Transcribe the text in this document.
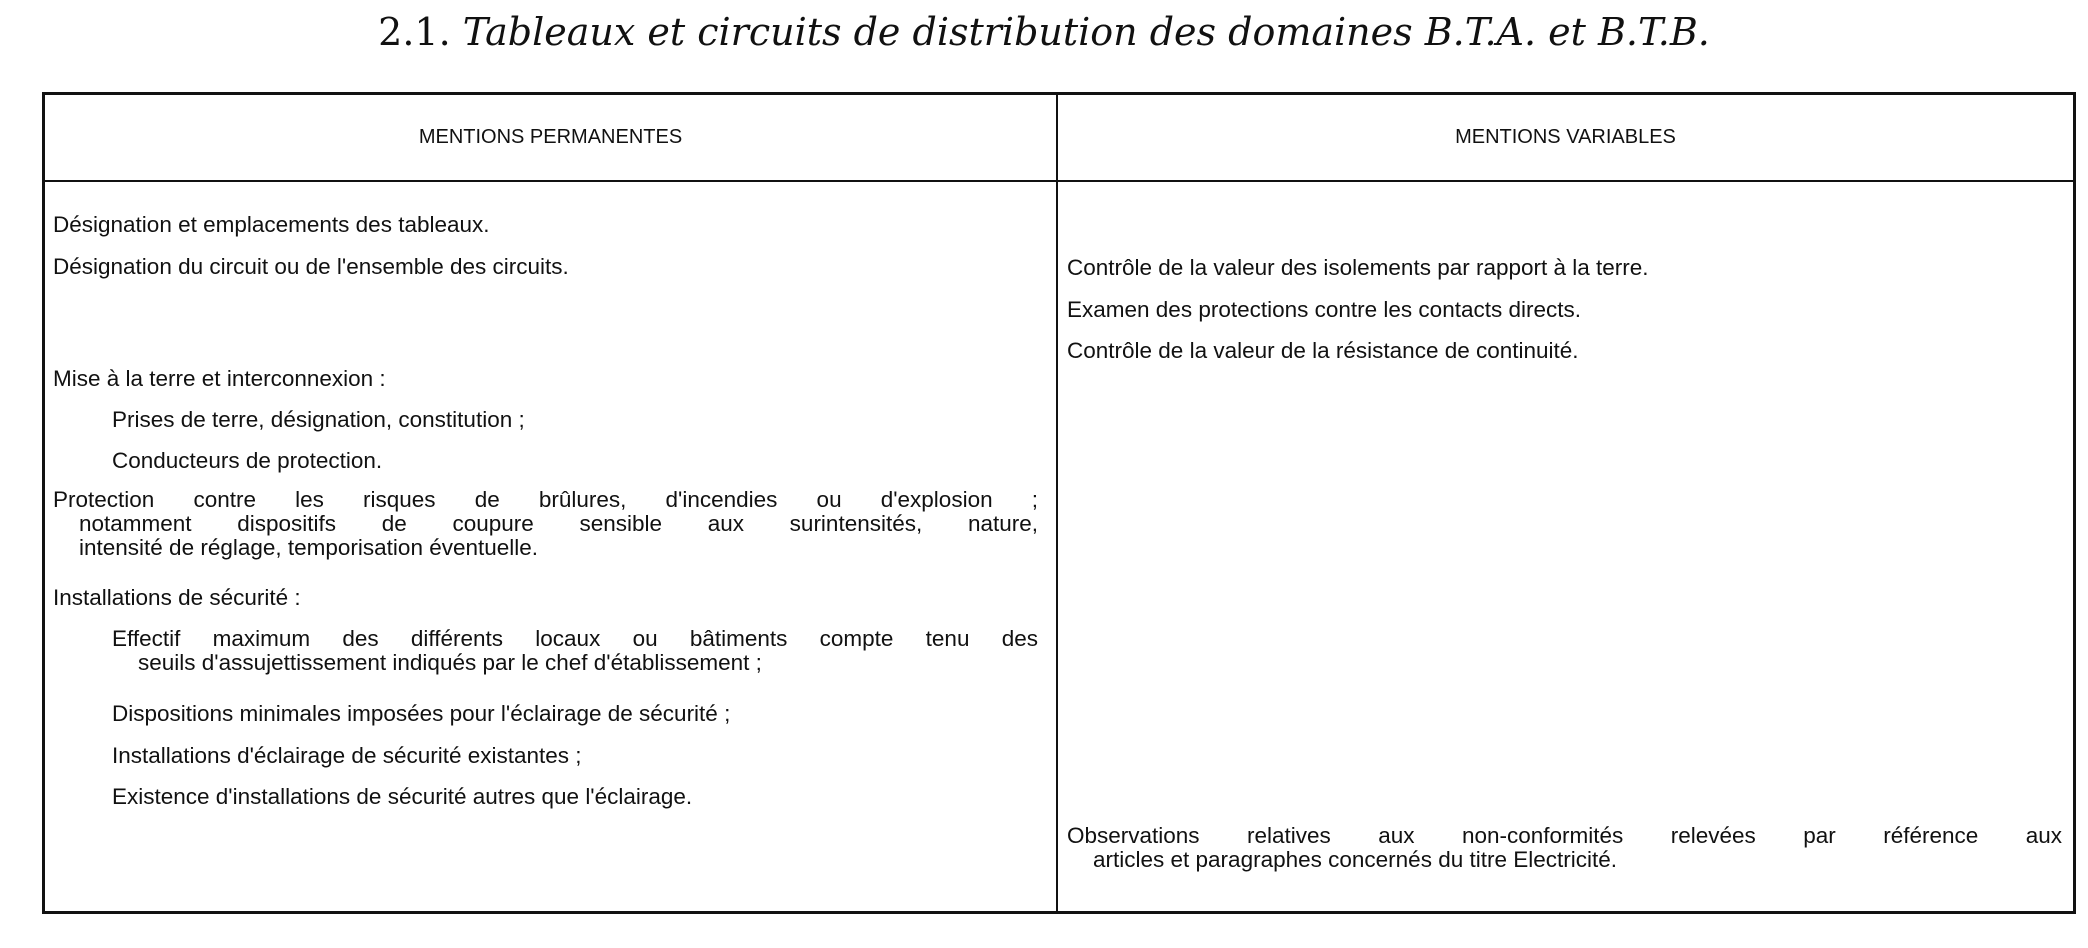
2.1. Tableaux et circuits de distribution des domaines B.T.A. et B.T.B.
MENTIONS PERMANENTES	MENTIONS VARIABLES
Désignation et emplacements des tableaux.
Désignation du circuit ou de l'ensemble des circuits.
Mise à la terre et interconnexion :
Prises de terre, désignation, constitution ;
Conducteurs de protection.
Protection contre les risques de brûlures, d'incendies ou d'explosion ;
notamment dispositifs de coupure sensible aux surintensités, nature,
intensité de réglage, temporisation éventuelle.
Installations de sécurité :
Effectif maximum des différents locaux ou bâtiments compte tenu des
seuils d'assujettissement indiqués par le chef d'établissement ;
Dispositions minimales imposées pour l'éclairage de sécurité ;
Installations d'éclairage de sécurité existantes ;
Existence d'installations de sécurité autres que l'éclairage.
Contrôle de la valeur des isolements par rapport à la terre.
Examen des protections contre les contacts directs.
Contrôle de la valeur de la résistance de continuité.
Observations relatives aux non-conformités relevées par référence aux
articles et paragraphes concernés du titre Electricité.
